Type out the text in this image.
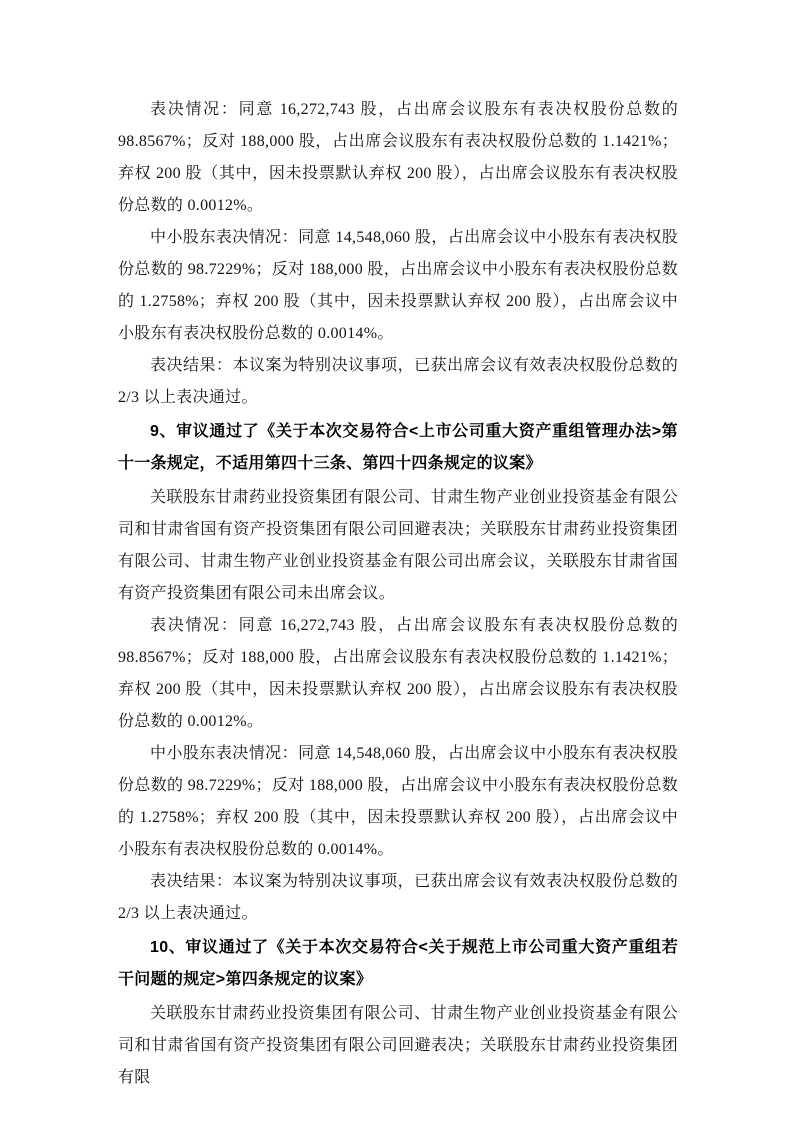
表决情况：同意 16,272,743 股，占出席会议股东有表决权股份总数的 98.8567%；反对 188,000 股，占出席会议股东有表决权股份总数的 1.1421%；弃权 200 股（其中，因未投票默认弃权 200 股），占出席会议股东有表决权股份总数的 0.0012%。

中小股东表决情况：同意 14,548,060 股，占出席会议中小股东有表决权股份总数的 98.7229%；反对 188,000 股，占出席会议中小股东有表决权股份总数的 1.2758%；弃权 200 股（其中，因未投票默认弃权 200 股），占出席会议中小股东有表决权股份总数的 0.0014%。

表决结果：本议案为特别决议事项，已获出席会议有效表决权股份总数的 2/3 以上表决通过。

9、审议通过了《关于本次交易符合<上市公司重大资产重组管理办法>第十一条规定，不适用第四十三条、第四十四条规定的议案》

关联股东甘肃药业投资集团有限公司、甘肃生物产业创业投资基金有限公司和甘肃省国有资产投资集团有限公司回避表决；关联股东甘肃药业投资集团有限公司、甘肃生物产业创业投资基金有限公司出席会议，关联股东甘肃省国有资产投资集团有限公司未出席会议。

表决情况：同意 16,272,743 股，占出席会议股东有表决权股份总数的 98.8567%；反对 188,000 股，占出席会议股东有表决权股份总数的 1.1421%；弃权 200 股（其中，因未投票默认弃权 200 股），占出席会议股东有表决权股份总数的 0.0012%。

中小股东表决情况：同意 14,548,060 股，占出席会议中小股东有表决权股份总数的 98.7229%；反对 188,000 股，占出席会议中小股东有表决权股份总数的 1.2758%；弃权 200 股（其中，因未投票默认弃权 200 股），占出席会议中小股东有表决权股份总数的 0.0014%。

表决结果：本议案为特别决议事项，已获出席会议有效表决权股份总数的 2/3 以上表决通过。

10、审议通过了《关于本次交易符合<关于规范上市公司重大资产重组若干问题的规定>第四条规定的议案》

关联股东甘肃药业投资集团有限公司、甘肃生物产业创业投资基金有限公司和甘肃省国有资产投资集团有限公司回避表决；关联股东甘肃药业投资集团有限
